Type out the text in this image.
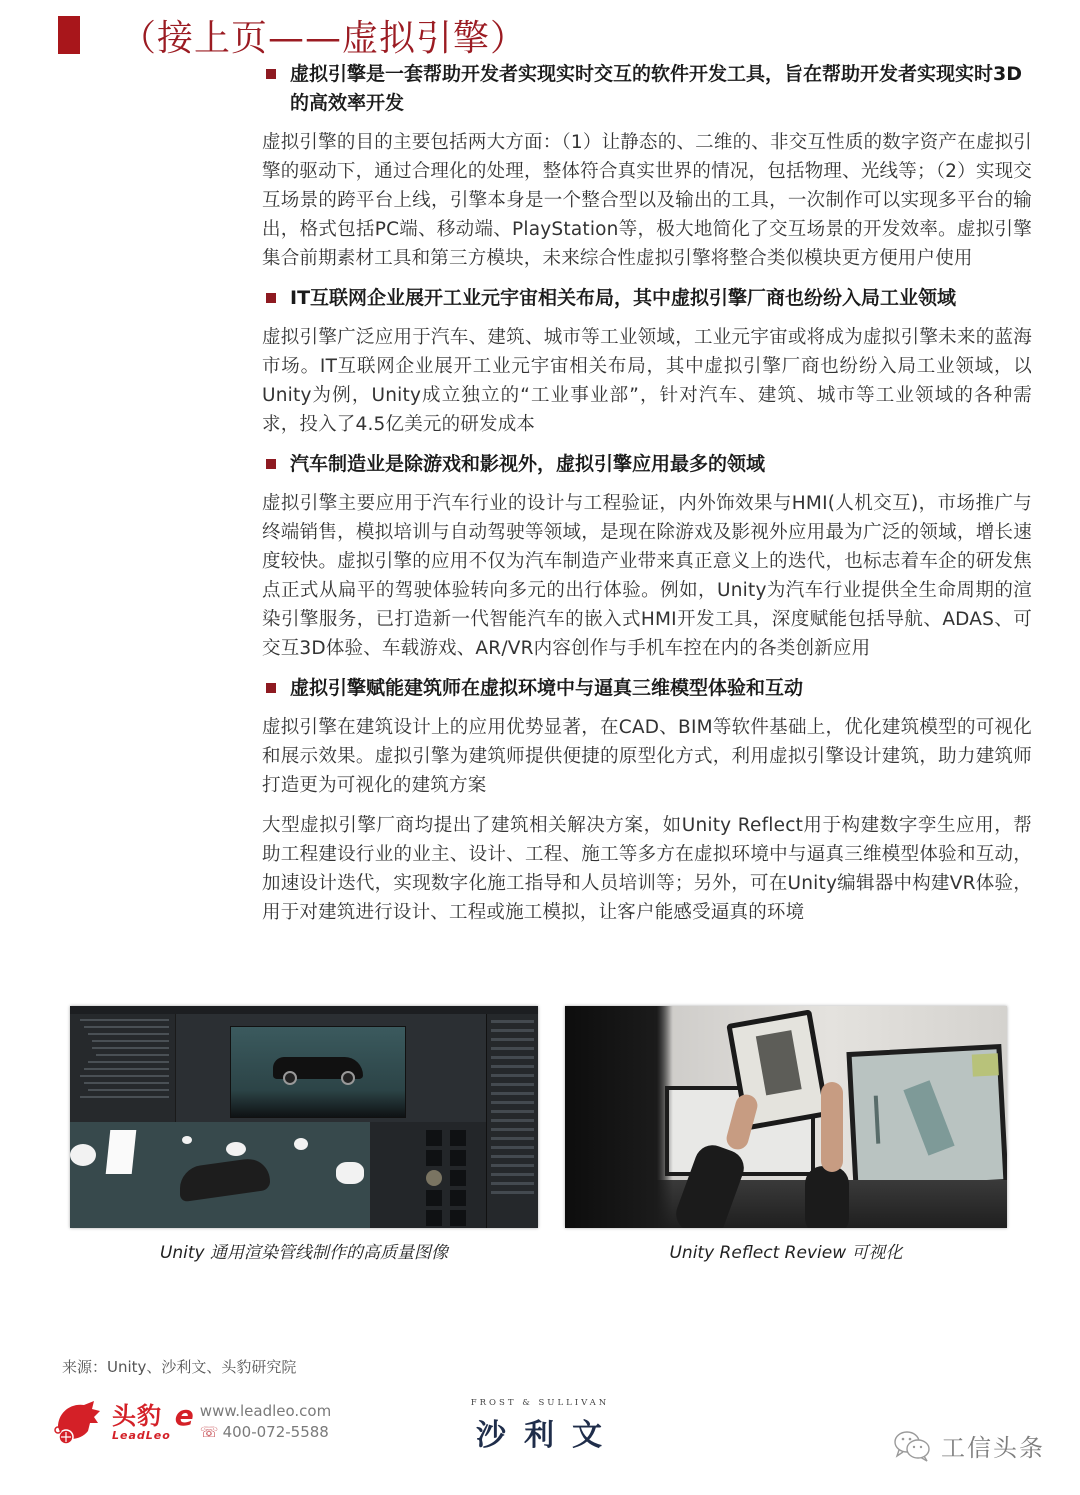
（接上页——虚拟引擎）
虚拟引擎是一套帮助开发者实现实时交互的软件开发工具，旨在帮助开发者实现实时3D的高效率开发

虚拟引擎的目的主要包括两大方面：（1）让静态的、二维的、非交互性质的数字资产在虚拟引擎的驱动下，通过合理化的处理，整体符合真实世界的情况，包括物理、光线等；（2）实现交互场景的跨平台上线，引擎本身是一个整合型以及输出的工具，一次制作可以实现多平台的输出，格式包括PC端、移动端、PlayStation等，极大地简化了交互场景的开发效率。虚拟引擎集合前期素材工具和第三方模块，未来综合性虚拟引擎将整合类似模块更方便用户使用

IT互联网企业展开工业元宇宙相关布局，其中虚拟引擎厂商也纷纷入局工业领域

虚拟引擎广泛应用于汽车、建筑、城市等工业领域，工业元宇宙或将成为虚拟引擎未来的蓝海市场。IT互联网企业展开工业元宇宙相关布局，其中虚拟引擎厂商也纷纷入局工业领域，以Unity为例，Unity成立独立的“工业事业部”，针对汽车、建筑、城市等工业领域的各种需求，投入了4.5亿美元的研发成本

汽车制造业是除游戏和影视外，虚拟引擎应用最多的领域

虚拟引擎主要应用于汽车行业的设计与工程验证，内外饰效果与HMI(人机交互)，市场推广与终端销售，模拟培训与自动驾驶等领域，是现在除游戏及影视外应用最为广泛的领域，增长速度较快。虚拟引擎的应用不仅为汽车制造产业带来真正意义上的迭代，也标志着车企的研发焦点正式从扁平的驾驶体验转向多元的出行体验。例如，Unity为汽车行业提供全生命周期的渲染引擎服务，已打造新一代智能汽车的嵌入式HMI开发工具，深度赋能包括导航、ADAS、可交互3D体验、车载游戏、AR/VR内容创作与手机车控在内的各类创新应用

虚拟引擎赋能建筑师在虚拟环境中与逼真三维模型体验和互动

虚拟引擎在建筑设计上的应用优势显著，在CAD、BIM等软件基础上，优化建筑模型的可视化和展示效果。虚拟引擎为建筑师提供便捷的原型化方式，利用虚拟引擎设计建筑，助力建筑师打造更为可视化的建筑方案

大型虚拟引擎厂商均提出了建筑相关解决方案，如Unity Reflect用于构建数字孪生应用，帮助工程建设行业的业主、设计、工程、施工等多方在虚拟环境中与逼真三维模型体验和互动，加速设计迭代，实现数字化施工指导和人员培训等；另外，可在Unity编辑器中构建VR体验，用于对建筑进行设计、工程或施工模拟，让客户能感受逼真的环境

Unity 通用渲染管线制作的高质量图像	Unity Reflect Review 可视化
来源：Unity、沙利文、头豹研究院
头豹
LeadLeo
e www.leadleo.com
☏ 400-072-5588
FROST & SULLIVAN
沙利文	工信头条
